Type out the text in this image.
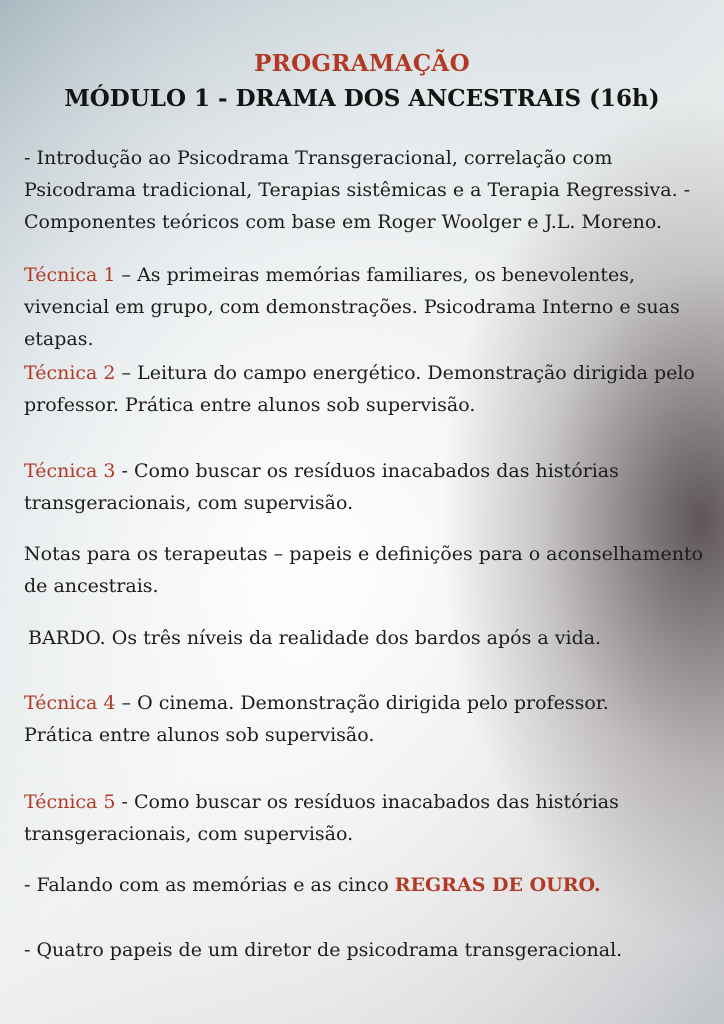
PROGRAMAÇÃO
MÓDULO 1 - DRAMA DOS ANCESTRAIS (16h)
- Introdução ao Psicodrama Transgeracional, correlação com Psicodrama tradicional, Terapias sistêmicas e a Terapia Regressiva. - Componentes teóricos com base em Roger Woolger e J.L. Moreno.
Técnica 1 – As primeiras memórias familiares, os benevolentes, vivencial em grupo, com demonstrações. Psicodrama Interno e suas etapas.
Técnica 2 – Leitura do campo energético. Demonstração dirigida pelo professor. Prática entre alunos sob supervisão.
Técnica 3 - Como buscar os resíduos inacabados das histórias transgeracionais, com supervisão.
Notas para os terapeutas – papeis e definições para o aconselhamento de ancestrais.
BARDO. Os três níveis da realidade dos bardos após a vida.
Técnica 4 – O cinema. Demonstração dirigida pelo professor.
Prática entre alunos sob supervisão.
Técnica 5 - Como buscar os resíduos inacabados das histórias transgeracionais, com supervisão.
- Falando com as memórias e as cinco REGRAS DE OURO.
- Quatro papeis de um diretor de psicodrama transgeracional.
